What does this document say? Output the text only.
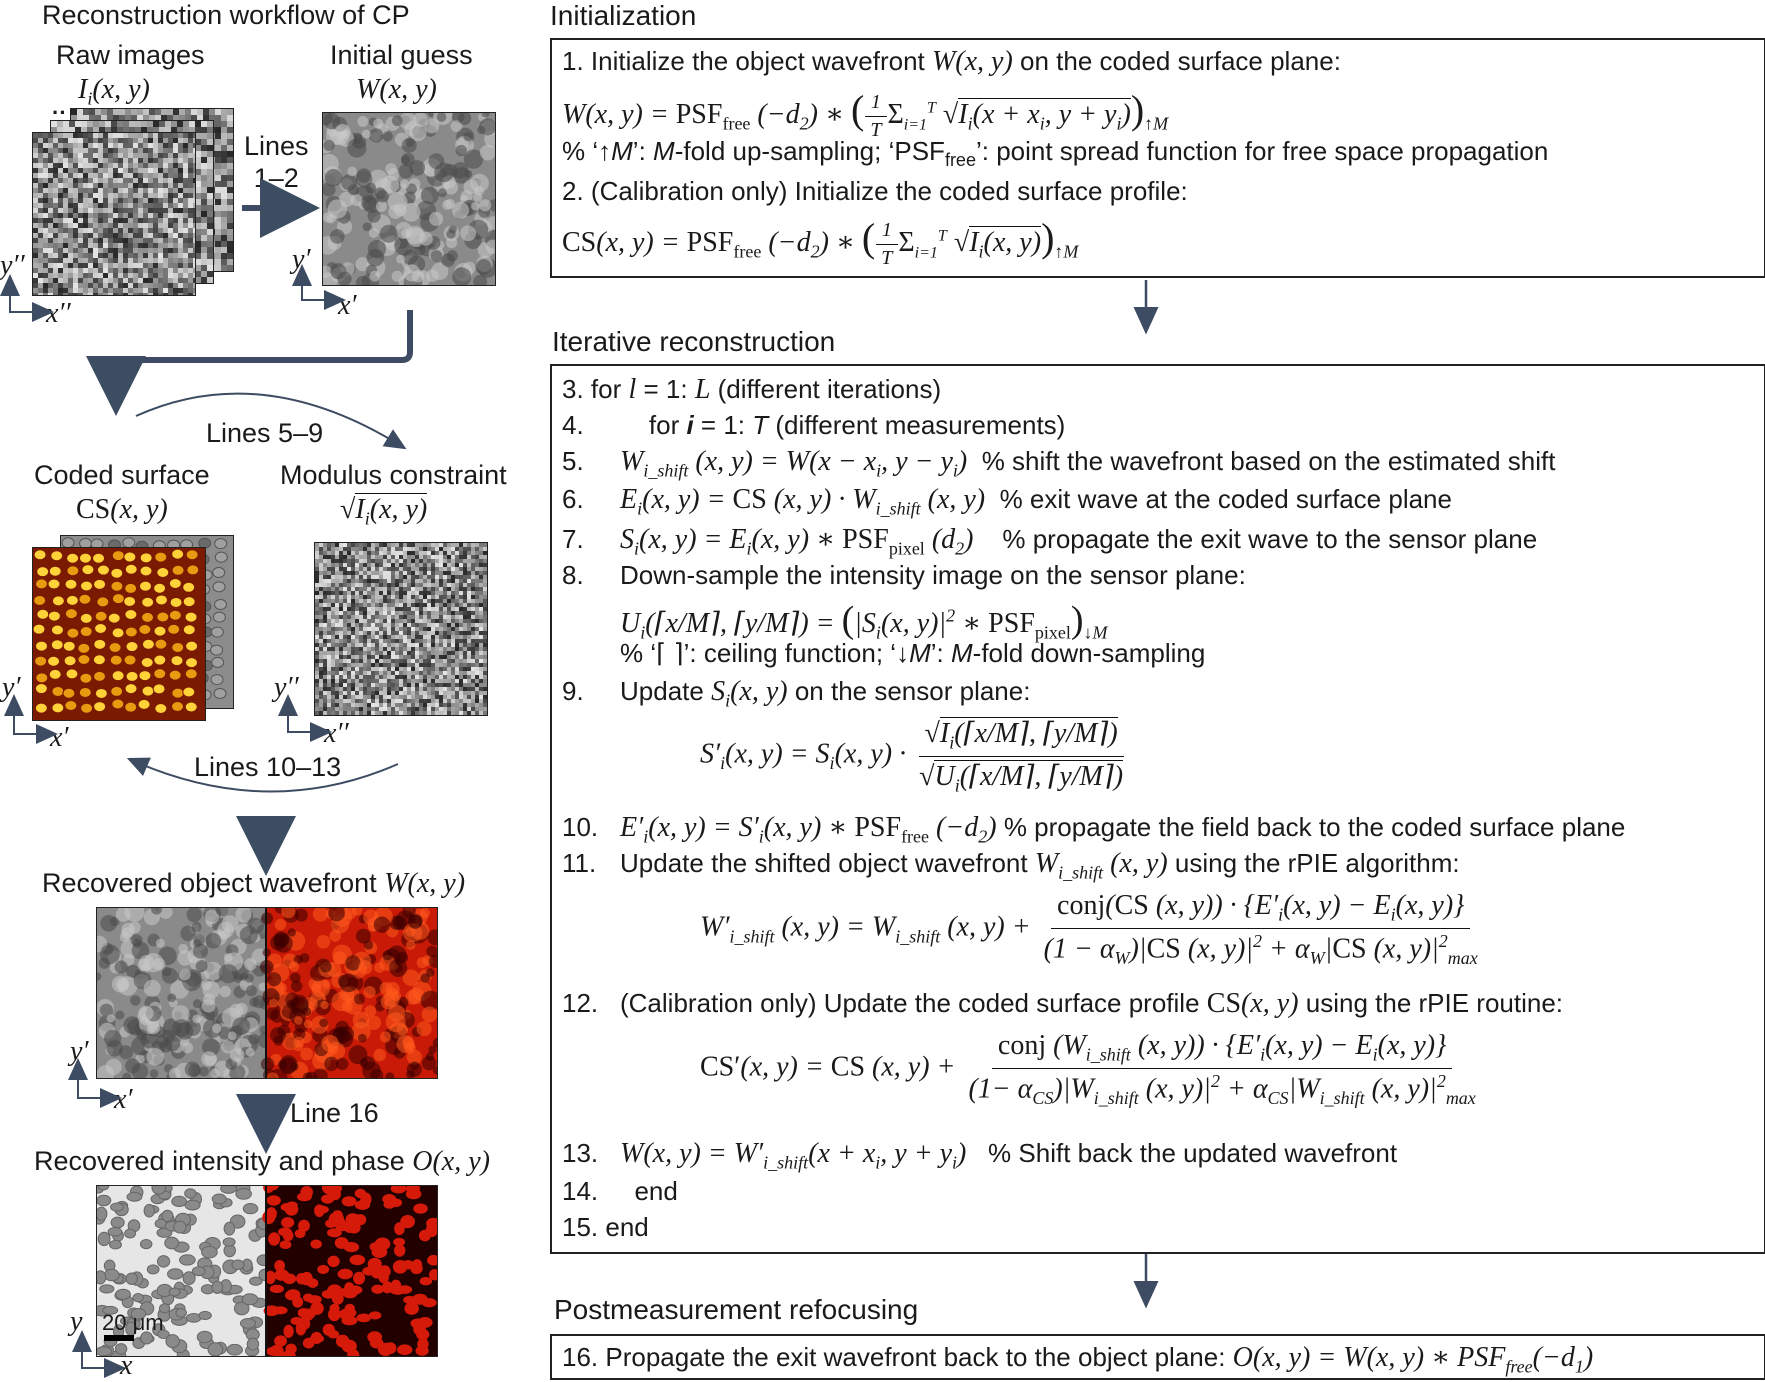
Reconstruction workflow of CP
Raw images
$I_i(x$, y)
Initial guess
W(x, y)
··
Lines
1–2
Coded surface
CS(x, y)
Modulus constraint
$√I_i(x$, y)
Lines 5–9
Lines 10–13
Recovered object wavefront W(x, y)
Line 16
Recovered intensity and phase O(x, y)
20 μm
y′′
x′′
y′
x′
y′
x′
y′′
x′′
y′
x′
y
x
Initialization
1. Initialize the object wavefront W(x, y) on the coded surface plane:
W(x, $y) = PSF_{free}$ $(-d_2)$ ∗ ( $\frac{1}{T} \Sigma_{i=1}^T$ $√I_i(x + x_i$, $y + y_i))_{↑M}$
% ‘↑M’: M-fold up-sampling; ‘$PSF_{free}$’: point spread function for free space propagation
2. (Calibration only) Initialize the coded surface profile:
CS(x, $y) = PSF_{free}$ $(-d_2)$ ∗ ( $\frac{1}{T} \Sigma_{i=1}^T$ $√I_i(x$, $y))_{↑M}$
Iterative reconstruction
3. for l = 1: L (different iterations)
4.    for i = 1: T (different measurements)
5. $W_{i\_shift}$ (x, $y) = W(x - x_i$, $y - y_i$) % shift the wavefront based on the estimated shift
6. $E_i(x$, y) = CS (x, $y) \cdot W_{i\_shift}$ (x, y) % exit wave at the coded surface plane
7. $S_i(x$, $y) = E_i(x$, y) ∗ $PSF_{pixel}$ $(d_2)$ % propagate the exit wave to the sensor plane
8. Down-sample the intensity image on the sensor plane:
$U_i(⌈x/M⌉$, ⌈y/M⌉) = ($|S_i(x$, $y)|^2$ ∗ $PSF_{pixel})_{↓M}$
% ‘⌈ ⌉’: ceiling function; ‘↓M’: M-fold down-sampling
9. Update $S_i(x$, y) on the sensor plane:
$S'_i(x$, $y) = S_i(x$, $y) \cdot \frac{√I_i(⌈x/M⌉, ⌈y/M⌉)}{√U_i(⌈x/M⌉, ⌈y/M⌉)}$
10. $E'_i(x$, $y) = S'_i(x$, y) ∗ $PSF_{free}$ $(-d_2)$ % propagate the field back to the coded surface plane
11. Update the shifted object wavefront $W_{i\_shift}$ (x, y) using the rPIE algorithm:
$W'_{i\_shift}$ (x, $y) = W_{i\_shift}$ (x, $y) + \frac{conj(CS (x, y)) \cdot \{E'_i(x, y) - E_i(x, y)\}}{(1 - \alpha_W)|CS (x, y)|^2 + \alpha_W|CS (x, y)|^2_{max}}$
12. (Calibration only) Update the coded surface profile CS(x, y) using the rPIE routine:
CS′(x, y) = CS (x, $y) + \frac{conj (W_{i\_shift} (x, y)) \cdot \{E'_i(x, y) - E_i(x, y)\}}{(1- \alpha_{CS})|W_{i\_shift} (x, y)|^2 + \alpha_{CS}|W_{i\_shift} (x, y)|^2_{max}}$
13. W(x, $y) = W'_{i\_shift}(x + x_i$, $y + y_i$) % Shift back the updated wavefront
14. end
15. end
Postmeasurement refocusing
16. Propagate the exit wavefront back to the object plane: O(x, y) = W(x, y) ∗ $PSF_{free}(-d_1)$
